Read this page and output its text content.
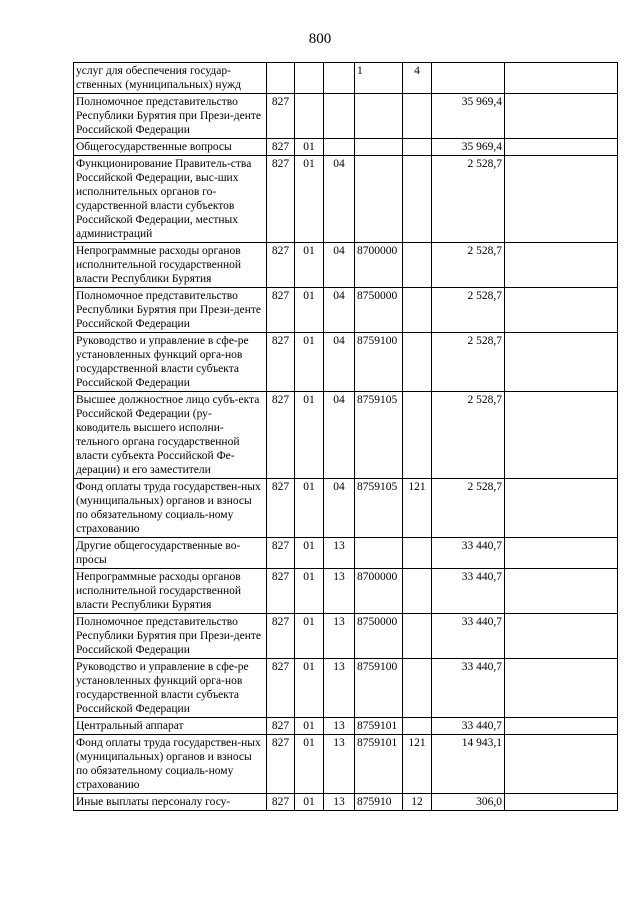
800
услуг для обеспечения государ-ственных (муниципальных) нужд				1	4		
Полномочное представительство Республики Бурятия при Прези-денте Российской Федерации	827					35 969,4	
Общегосударственные вопросы	827	01				35 969,4	
Функционирование Правитель-ства Российской Федерации, выс-ших исполнительных органов го-сударственной власти субъектов Российской Федерации, местных администраций	827	01	04			2 528,7	
Непрограммные расходы органов исполнительной государственной власти Республики Бурятия	827	01	04	8700000		2 528,7	
Полномочное представительство Республики Бурятия при Прези-денте Российской Федерации	827	01	04	8750000		2 528,7	
Руководство и управление в сфе-ре установленных функций орга-нов государственной власти субъекта Российской Федерации	827	01	04	8759100		2 528,7	
Высшее должностное лицо субъ-екта Российской Федерации (ру-ководитель высшего исполни-тельного органа государственной власти субъекта Российской Фе-дерации) и его заместители	827	01	04	8759105		2 528,7	
Фонд оплаты труда государствен-ных (муниципальных) органов и взносы по обязательному социаль-ному страхованию	827	01	04	8759105	121	2 528,7	
Другие общегосударственные во-просы	827	01	13			33 440,7	
Непрограммные расходы органов исполнительной государственной власти Республики Бурятия	827	01	13	8700000		33 440,7	
Полномочное представительство Республики Бурятия при Прези-денте Российской Федерации	827	01	13	8750000		33 440,7	
Руководство и управление в сфе-ре установленных функций орга-нов государственной власти субъекта Российской Федерации	827	01	13	8759100		33 440,7	
Центральный аппарат	827	01	13	8759101		33 440,7	
Фонд оплаты труда государствен-ных (муниципальных) органов и взносы по обязательному социаль-ному страхованию	827	01	13	8759101	121	14 943,1	
Иные выплаты персоналу госу-	827	01	13	875910	12	306,0	
